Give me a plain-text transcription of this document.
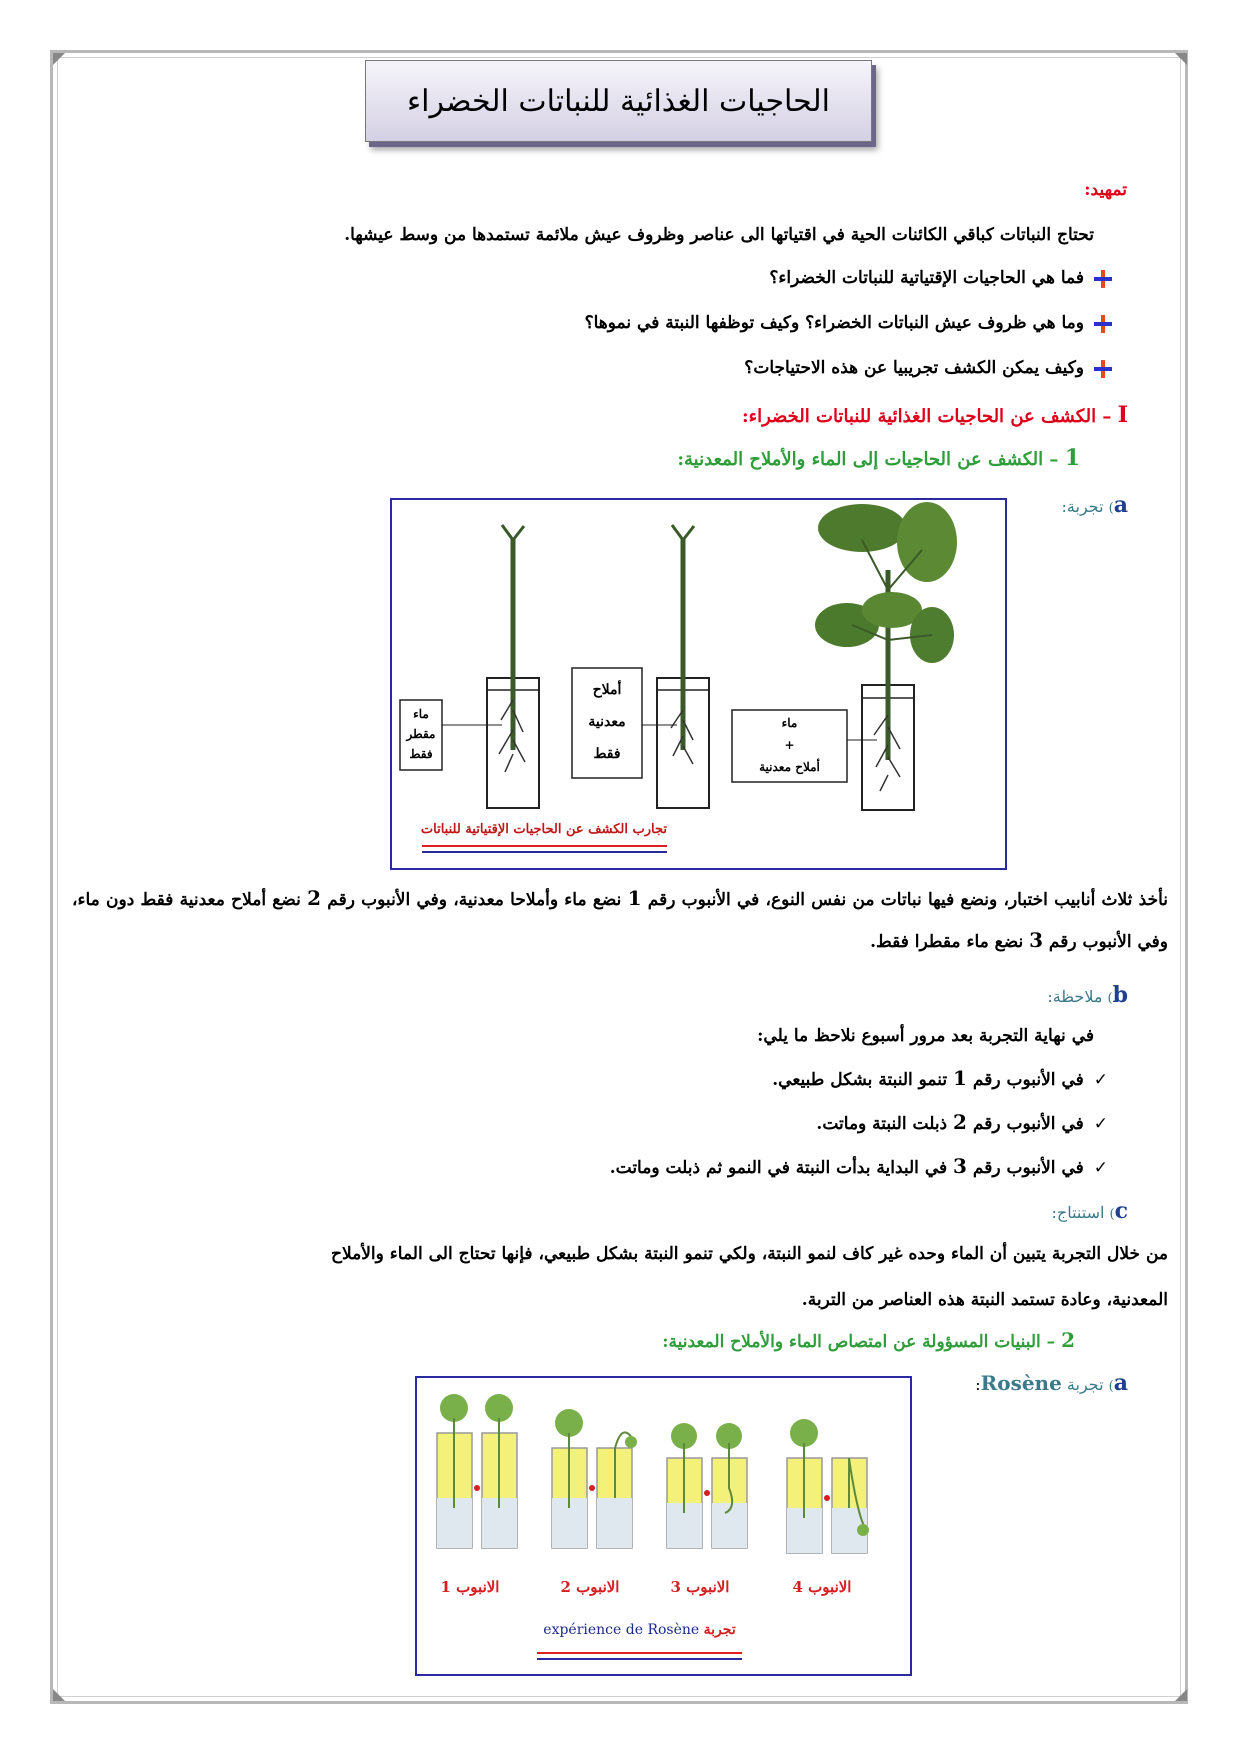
الحاجيات الغذائية للنباتات الخضراء
تمهيد:
تحتاج النباتات كباقي الكائنات الحية في اقتياتها الى عناصر وظروف عيش ملائمة تستمدها من وسط عيشها.
فما هي الحاجيات الإقتياتية للنباتات الخضراء؟
وما هي ظروف عيش النباتات الخضراء؟ وكيف توظفها النبتة في نموها؟
وكيف يمكن الكشف تجريبيا عن هذه الاحتياجات؟
I – الكشف عن الحاجيات الغذائية للنباتات الخضراء:
1 – الكشف عن الحاجيات إلى الماء والأملاح المعدنية:
a) تجربة:
ماء
مقطر
فقط
أملاح
معدنية
فقط
ماء
+
أملاح معدنية
تجارب الكشف عن الحاجيات الإقتياتية للنباتات
نأخذ ثلاث أنابيب اختبار، ونضع فيها نباتات من نفس النوع، في الأنبوب رقم 1 نضع ماء وأملاحا معدنية، وفي الأنبوب رقم 2 نضع أملاح معدنية فقط دون ماء، وفي الأنبوب رقم 3 نضع ماء مقطرا فقط.
b) ملاحظة:
في نهاية التجربة بعد مرور أسبوع نلاحظ ما يلي:
✓في الأنبوب رقم 1 تنمو النبتة بشكل طبيعي.
✓في الأنبوب رقم 2 ذبلت النبتة وماتت.
✓في الأنبوب رقم 3 في البداية بدأت النبتة في النمو ثم ذبلت وماتت.
c) استنتاج:
من خلال التجربة يتبين أن الماء وحده غير كاف لنمو النبتة، ولكي تنمو النبتة بشكل طبيعي، فإنها تحتاج الى الماء والأملاح
المعدنية، وعادة تستمد النبتة هذه العناصر من التربة.
2 – البنيات المسؤولة عن امتصاص الماء والأملاح المعدنية:
a) تجربة Rosène:
الانبوب 1	الانبوب 2	الانبوب 3	الانبوب 4
expérience de Rosène تجربة
